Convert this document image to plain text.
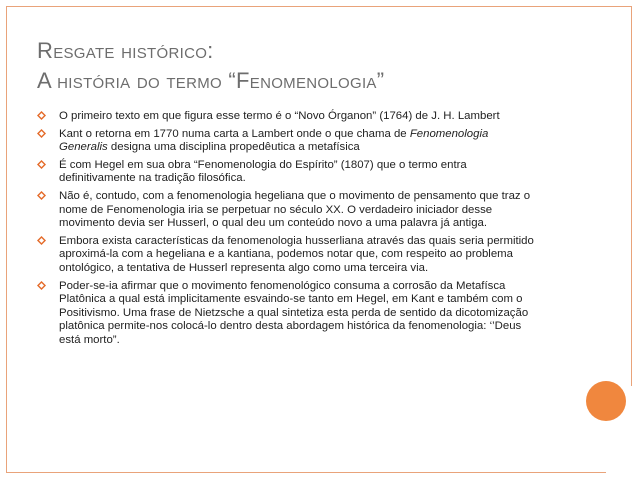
Resgate histórico:
A história do termo “Fenomenologia”
O primeiro texto em que figura esse termo é o “Novo Órganon” (1764) de J. H. Lambert
Kant o retorna em 1770 numa carta a Lambert onde o que chama de Fenomenologia Generalis designa uma disciplina propedêutica a metafísica
É com Hegel em sua obra “Fenomenologia do Espírito” (1807) que o termo entra definitivamente na tradição filosófica.
Não é, contudo, com a fenomenologia hegeliana que o movimento de pensamento que traz o nome de Fenomenologia iria se perpetuar no século XX. O verdadeiro iniciador desse movimento devia ser Husserl, o qual deu um conteúdo novo a uma palavra já antiga.
Embora exista características da fenomenologia husserliana através das quais seria permitido aproximá-la com a hegeliana e a kantiana, podemos notar que, com respeito ao problema ontológico, a tentativa de Husserl representa algo como uma terceira via.
Poder-se-ia afirmar que o movimento fenomenológico consuma a corrosão da Metafísca Platônica a qual está implicitamente esvaindo-se tanto em Hegel, em Kant e também com o Positivismo. Uma frase de Nietzsche a qual sintetiza esta perda de sentido da dicotomização platônica permite-nos colocá-lo dentro desta abordagem histórica da fenomenologia: ‘’Deus está morto”.
